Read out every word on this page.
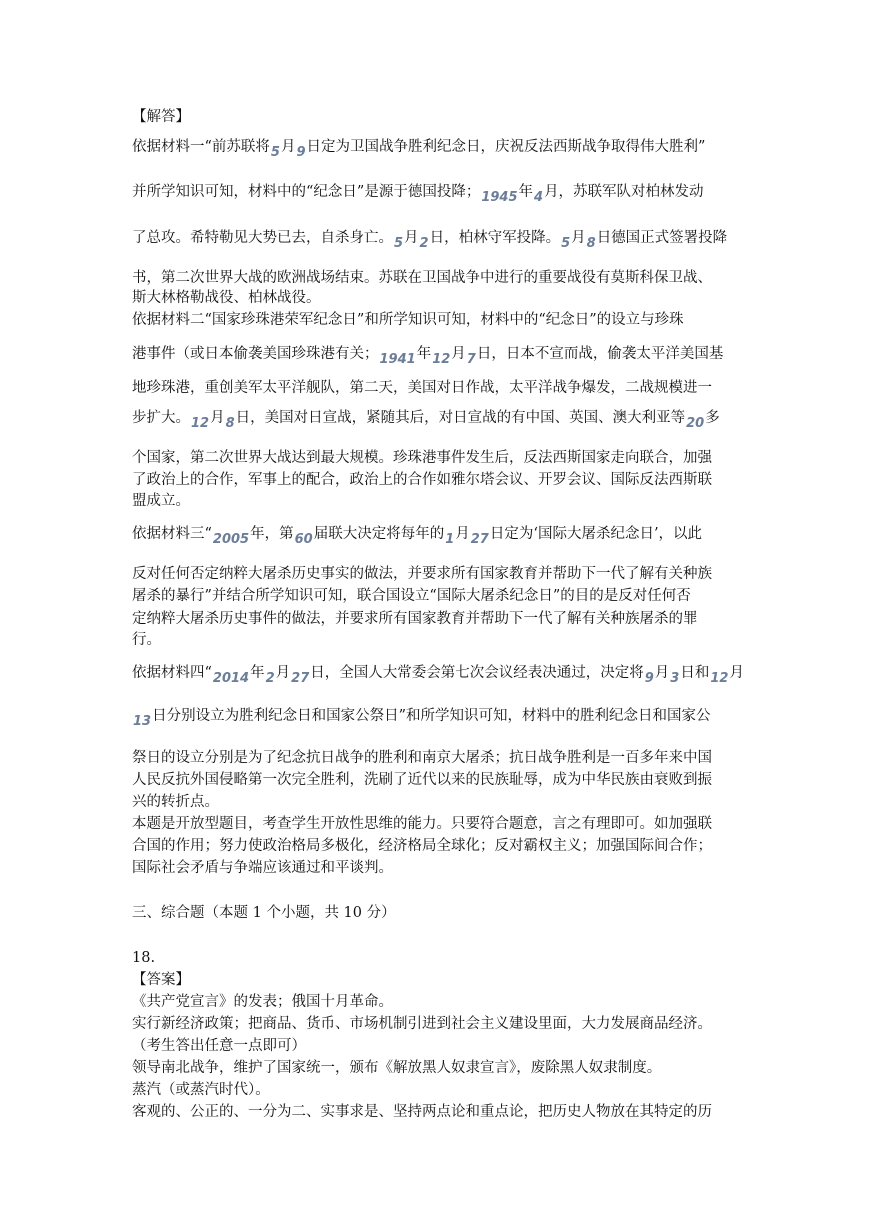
【解答】
依据材料一“前苏联将5月9日定为卫国战争胜利纪念日，庆祝反法西斯战争取得伟大胜利”
并所学知识可知，材料中的“纪念日”是源于德国投降；1945年4月，苏联军队对柏林发动
了总攻。希特勒见大势已去，自杀身亡。5月2日，柏林守军投降。5月8日德国正式签署投降
书，第二次世界大战的欧洲战场结束。苏联在卫国战争中进行的重要战役有莫斯科保卫战、
斯大林格勒战役、柏林战役。
依据材料二“国家珍珠港荣军纪念日”和所学知识可知，材料中的“纪念日”的设立与珍珠
港事件（或日本偷袭美国珍珠港有关；1941年12月7日，日本不宣而战，偷袭太平洋美国基
地珍珠港，重创美军太平洋舰队，第二天，美国对日作战，太平洋战争爆发，二战规模进一
步扩大。12月8日，美国对日宣战，紧随其后，对日宣战的有中国、英国、澳大利亚等20多
个国家，第二次世界大战达到最大规模。珍珠港事件发生后，反法西斯国家走向联合，加强
了政治上的合作，军事上的配合，政治上的合作如雅尔塔会议、开罗会议、国际反法西斯联
盟成立。
依据材料三“2005年，第60届联大决定将每年的1月27日定为‘国际大屠杀纪念日’，以此
反对任何否定纳粹大屠杀历史事实的做法，并要求所有国家教育并帮助下一代了解有关种族
屠杀的暴行”并结合所学知识可知，联合国设立“国际大屠杀纪念日”的目的是反对任何否
定纳粹大屠杀历史事件的做法，并要求所有国家教育并帮助下一代了解有关种族屠杀的罪
行。
依据材料四“2014年2月27日，全国人大常委会第七次会议经表决通过，决定将9月3日和12月
13日分别设立为胜利纪念日和国家公祭日”和所学知识可知，材料中的胜利纪念日和国家公
祭日的设立分别是为了纪念抗日战争的胜利和南京大屠杀；抗日战争胜利是一百多年来中国
人民反抗外国侵略第一次完全胜利，洗刷了近代以来的民族耻辱，成为中华民族由衰败到振
兴的转折点。
本题是开放型题目，考查学生开放性思维的能力。只要符合题意，言之有理即可。如加强联
合国的作用；努力使政治格局多极化，经济格局全球化；反对霸权主义；加强国际间合作；
国际社会矛盾与争端应该通过和平谈判。
三、综合题（本题 1 个小题，共 10 分）
18.
【答案】
《共产党宣言》的发表；俄国十月革命。
实行新经济政策；把商品、货币、市场机制引进到社会主义建设里面，大力发展商品经济。
（考生答出任意一点即可）
领导南北战争，维护了国家统一，颁布《解放黑人奴隶宣言》，废除黑人奴隶制度。
蒸汽（或蒸汽时代）。
客观的、公正的、一分为二、实事求是、坚持两点论和重点论，把历史人物放在其特定的历
